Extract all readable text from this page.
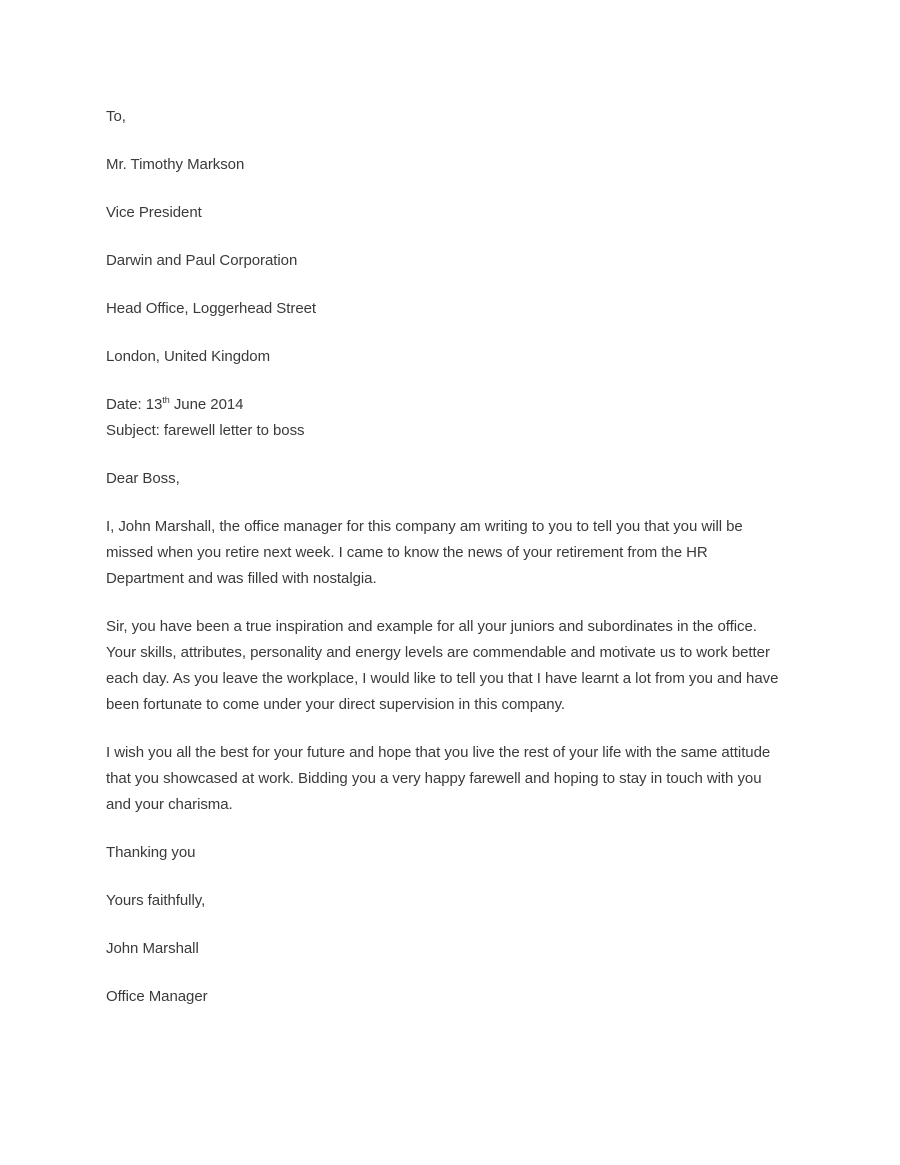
To,
Mr. Timothy Markson
Vice President
Darwin and Paul Corporation
Head Office, Loggerhead Street
London, United Kingdom
Date: 13th June 2014
Subject: farewell letter to boss
Dear Boss,
I, John Marshall, the office manager for this company am writing to you to tell you that you will be missed when you retire next week. I came to know the news of your retirement from the HR Department and was filled with nostalgia.
Sir, you have been a true inspiration and example for all your juniors and subordinates in the office. Your skills, attributes, personality and energy levels are commendable and motivate us to work better each day. As you leave the workplace, I would like to tell you that I have learnt a lot from you and have been fortunate to come under your direct supervision in this company.
I wish you all the best for your future and hope that you live the rest of your life with the same attitude that you showcased at work. Bidding you a very happy farewell and hoping to stay in touch with you and your charisma.
Thanking you
Yours faithfully,
John Marshall
Office Manager
